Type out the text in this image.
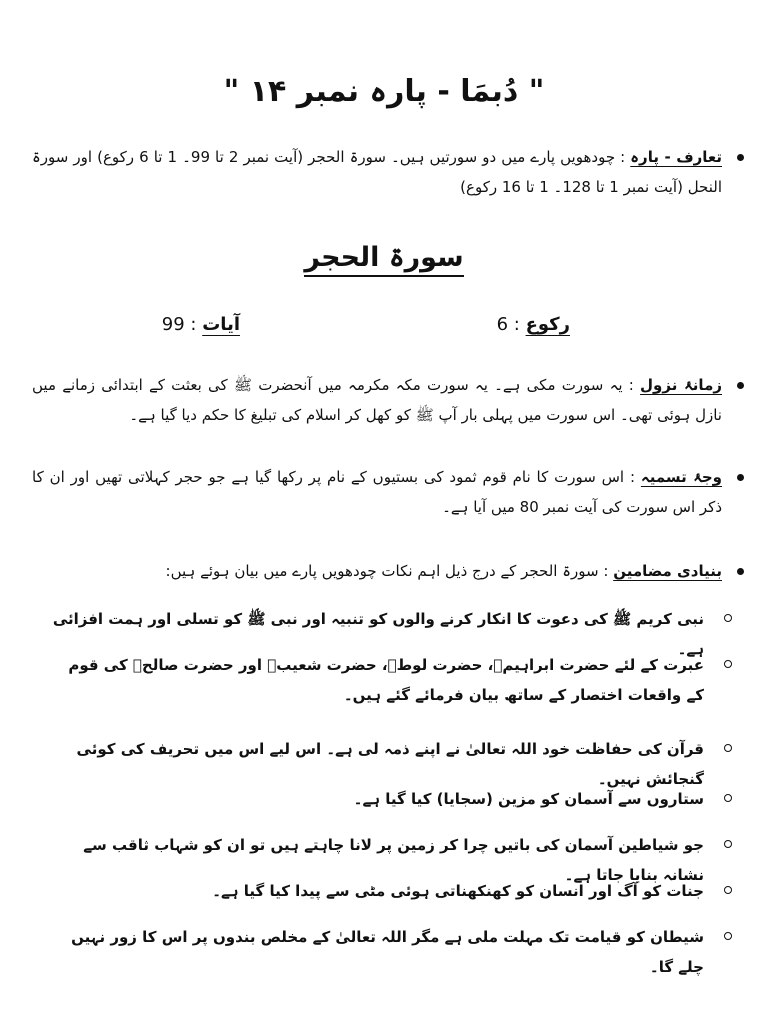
" دُبمَا - پارہ نمبر ۱۴ "
تعارف - پارہ : چودھویں پارے میں دو سورتیں ہیں۔ سورۃ الحجر (آیت نمبر 2 تا 99۔ 1 تا 6 رکوع) اور سورۃ النحل (آیت نمبر 1 تا 128۔ 1 تا 16 رکوع)
سورۃ الحجر
رکوع : 6
آیات : 99
زمانۂ نزول : یہ سورت مکی ہے۔ یہ سورت مکہ مکرمہ میں آنحضرت ﷺ کی بعثت کے ابتدائی زمانے میں نازل ہوئی تھی۔ اس سورت میں پہلی بار آپ ﷺ کو کھل کر اسلام کی تبلیغ کا حکم دیا گیا ہے۔
وجۂ تسمیہ : اس سورت کا نام قوم ثمود کی بستیوں کے نام پر رکھا گیا ہے جو حجر کہلاتی تھیں اور ان کا ذکر اس سورت کی آیت نمبر 80 میں آیا ہے۔
بنیادی مضامین : سورۃ الحجر کے درج ذیل اہم نکات چودھویں پارے میں بیان ہوئے ہیں:
نبی کریم ﷺ کی دعوت کا انکار کرنے والوں کو تنبیہ اور نبی ﷺ کو تسلی اور ہمت افزائی ہے۔
عبرت کے لئے حضرت ابراہیمؑ، حضرت لوطؑ، حضرت شعیبؑ اور حضرت صالحؑ کی قوم کے واقعات اختصار کے ساتھ بیان فرمائے گئے ہیں۔
قرآن کی حفاظت خود اللہ تعالیٰ نے اپنے ذمہ لی ہے۔ اس لیے اس میں تحریف کی کوئی گنجائش نہیں۔
ستاروں سے آسمان کو مزین (سجایا) کیا گیا ہے۔
جو شیاطین آسمان کی باتیں چرا کر زمین پر لانا چاہتے ہیں تو ان کو شہاب ثاقب سے نشانہ بنایا جاتا ہے۔
جنات کو آگ اور انسان کو کھنکھناتی ہوئی مٹی سے پیدا کیا گیا ہے۔
شیطان کو قیامت تک مہلت ملی ہے مگر اللہ تعالیٰ کے مخلص بندوں پر اس کا زور نہیں چلے گا۔
